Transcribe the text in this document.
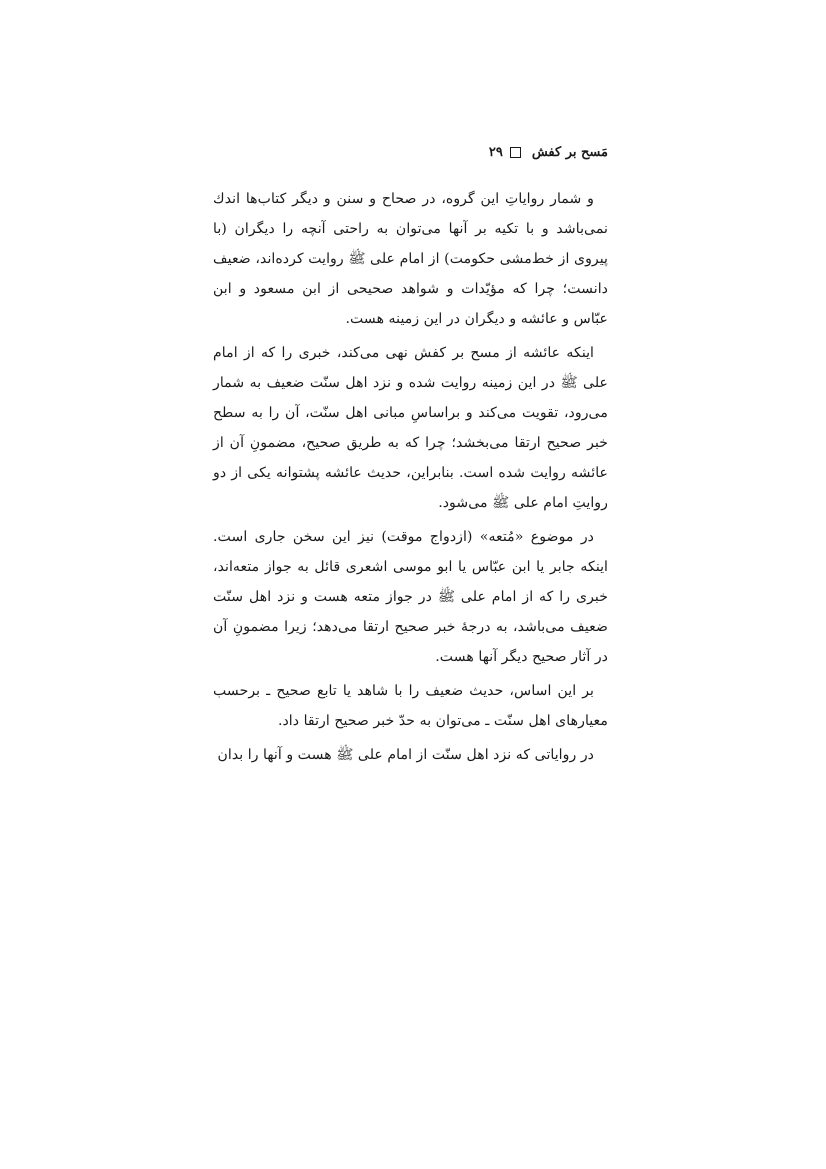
مَسح بر کفش
۲۹

و شمار رواياتِ اين گروه، در صحاح و سنن و ديگر كتاب‌ها اندك نمی‌باشد و با تكيه بر آنها می‌توان به راحتی آنچه را ديگران (با پيروی از خط‌مشی حكومت) از امام علی ﷺ روايت كرده‌اند، ضعيف دانست؛ چرا كه مؤيّدات و شواهد صحيحی از ابن مسعود و ابن عبّاس و عائشه و ديگران در اين زمينه هست.

اينكه عائشه از مسح بر كفش نهی می‌كند، خبری را كه از امام علی ﷺ در اين زمينه روايت شده و نزد اهل سنّت ضعيف به شمار می‌رود، تقويت می‌كند و براساسِ مبانی اهل سنّت، آن را به سطح خبر صحيح ارتقا می‌بخشد؛ چرا كه به طريق صحيح، مضمونِ آن از عائشه روايت شده است. بنابراين، حديث عائشه پشتوانه يكی از دو روايتِ امام علی ﷺ می‌شود.

در موضوع «مُتعه» (ازدواج موقت) نيز اين سخن جاری است. اينكه جابر يا ابن عبّاس يا ابو موسی اشعری قائل به جواز متعه‌اند، خبری را كه از امام علی ﷺ در جواز متعه هست و نزد اهل سنّت ضعيف می‌باشد، به درجهٔ خبر صحيح ارتقا می‌دهد؛ زيرا مضمونِ آن در آثار صحيح ديگر آنها هست.

بر اين اساس، حديث ضعيف را با شاهد يا تابع صحيح ـ برحسب معيارهای اهل سنّت ـ می‌توان به حدّ خبر صحيح ارتقا داد.

در رواياتی كه نزد اهل سنّت از امام علی ﷺ هست و آنها را بدان
